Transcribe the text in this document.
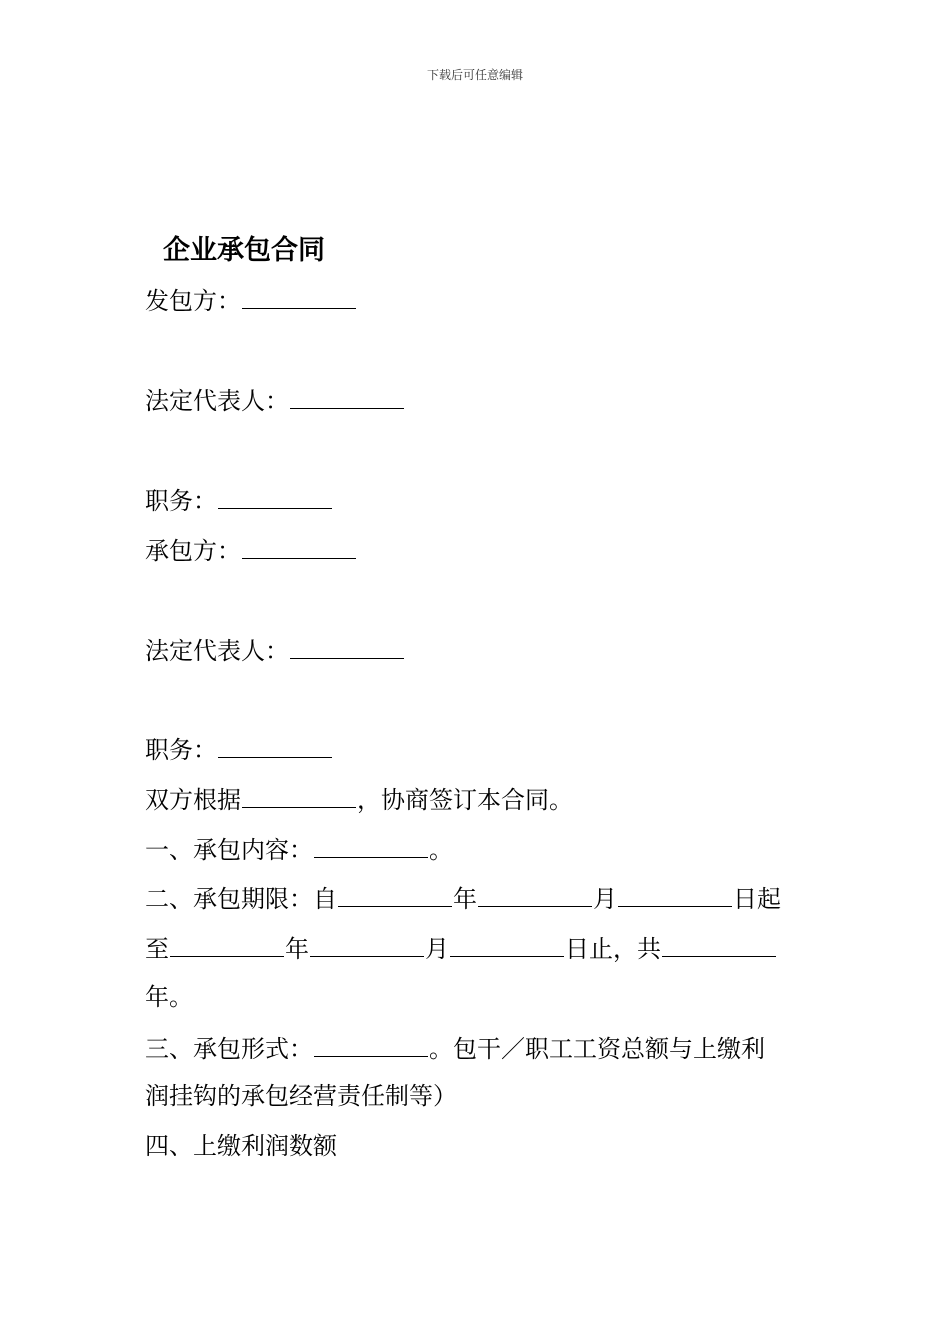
下载后可任意编辑
企业承包合同
发包方：
法定代表人：
职务：
承包方：
法定代表人：
职务：
双方根据	，协商签订本合同。
一、承包内容：	。
二、承包期限：自	年	月	日起
至	年	月	日止，共
年。
三、承包形式：	。包干／职工工资总额与上缴利
润挂钩的承包经营责任制等）
四、上缴利润数额
